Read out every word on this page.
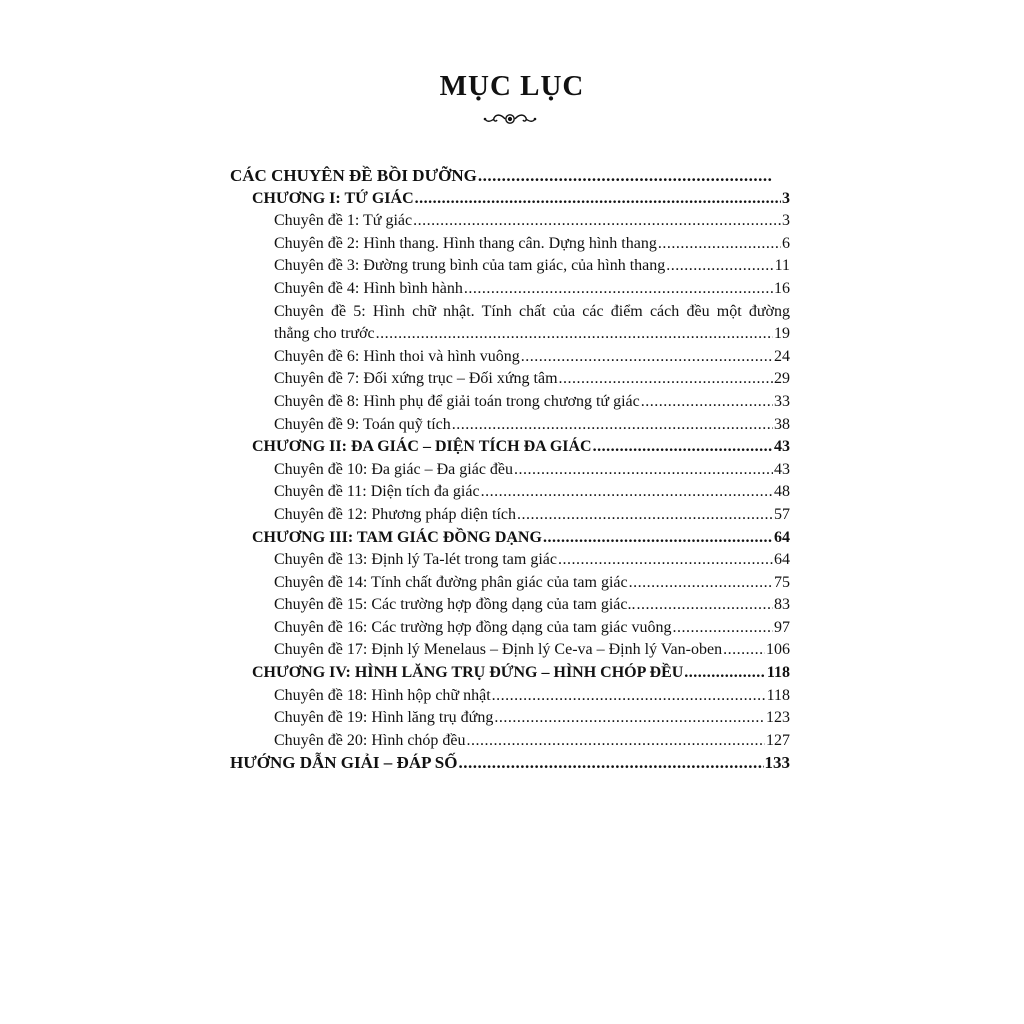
MỤC LỤC
CÁC CHUYÊN ĐỀ BỒI DƯỠNG
.....
CHƯƠNG I: TỨ GIÁC .....	3
Chuyên đề 1: Tứ giác .....	3
Chuyên đề 2: Hình thang. Hình thang cân. Dựng hình thang .....	6
Chuyên đề 3: Đường trung bình của tam giác, của hình thang .....	11
Chuyên đề 4: Hình bình hành .....	16
Chuyên đề 5: Hình chữ nhật. Tính chất của các điểm cách đều một đường
thẳng cho trước .....	19
Chuyên đề 6: Hình thoi và hình vuông .....	24
Chuyên đề 7: Đối xứng trục – Đối xứng tâm .....	29
Chuyên đề 8: Hình phụ để giải toán trong chương tứ giác .....	33
Chuyên đề 9: Toán quỹ tích .....	38
CHƯƠNG II: ĐA GIÁC – DIỆN TÍCH ĐA GIÁC .....	43
Chuyên đề 10: Đa giác – Đa giác đều .....	43
Chuyên đề 11: Diện tích đa giác .....	48
Chuyên đề 12: Phương pháp diện tích .....	57
CHƯƠNG III: TAM GIÁC ĐỒNG DẠNG .....	64
Chuyên đề 13: Định lý Ta-lét trong tam giác .....	64
Chuyên đề 14: Tính chất đường phân giác của tam giác .....	75
Chuyên đề 15: Các trường hợp đồng dạng của tam giác.. .....	83
Chuyên đề 16: Các trường hợp đồng dạng của tam giác vuông .....	97
Chuyên đề 17: Định lý Menelaus – Định lý Ce-va – Định lý Van-oben .....	106
CHƯƠNG IV: HÌNH LĂNG TRỤ ĐỨNG – HÌNH CHÓP ĐỀU .....	118
Chuyên đề 18: Hình hộp chữ nhật .....	118
Chuyên đề 19: Hình lăng trụ đứng .....	123
Chuyên đề 20: Hình chóp đều .....	127
HƯỚNG DẪN GIẢI – ĐÁP SỐ .....	133
